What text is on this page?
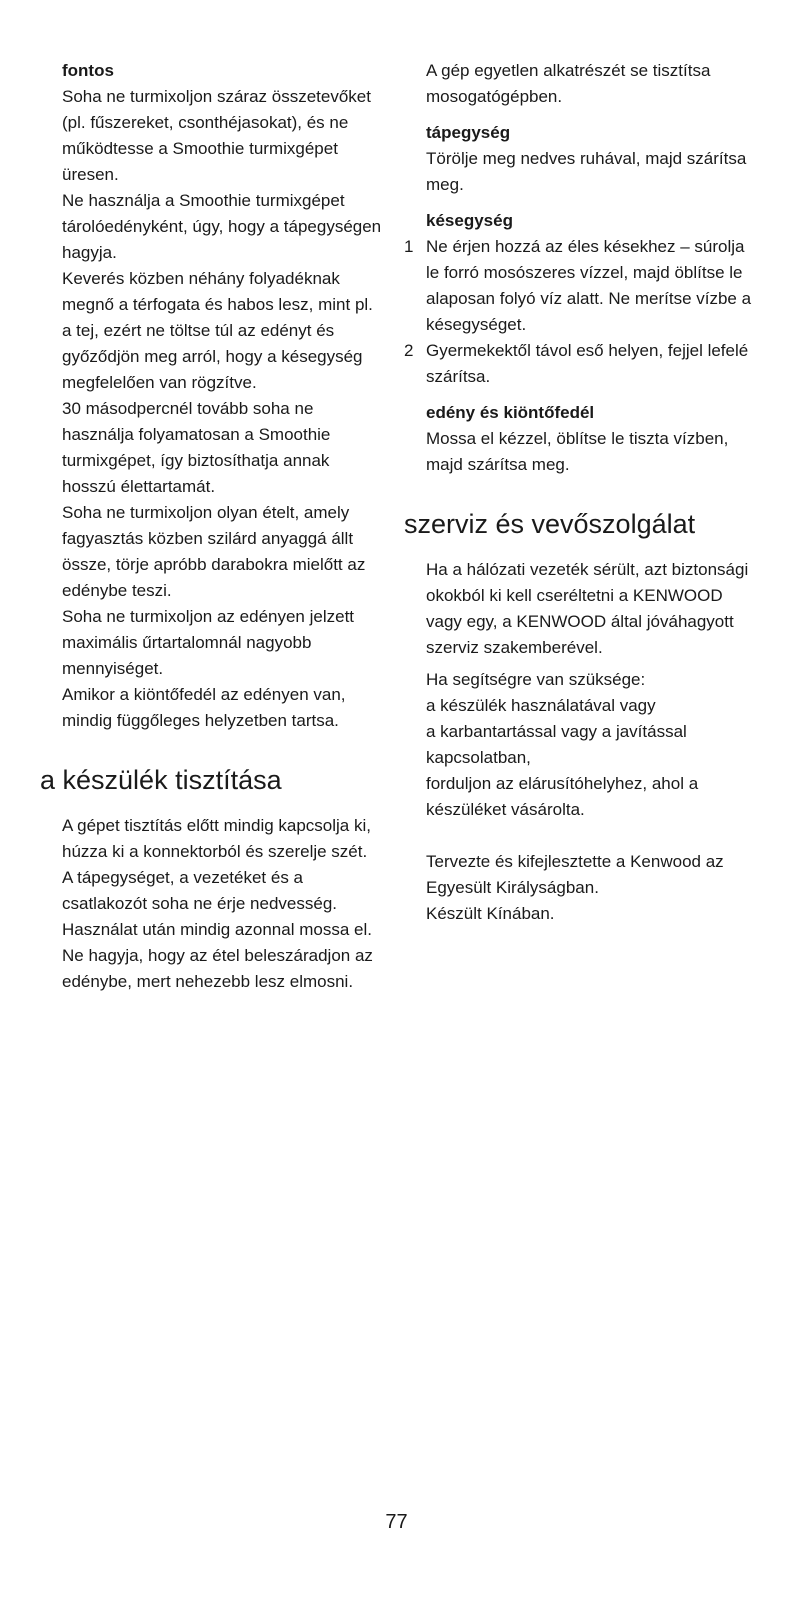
fontos
Soha ne turmixoljon száraz összetevőket (pl. fűszereket, csonthéjasokat), és ne működtesse a Smoothie turmixgépet üresen.
Ne használja a Smoothie turmixgépet tárolóedényként, úgy, hogy a tápegységen hagyja.
Keverés közben néhány folyadéknak megnő a térfogata és habos lesz, mint pl. a tej, ezért ne töltse túl az edényt és győződjön meg arról, hogy a késegység megfelelően van rögzítve.
30 másodpercnél tovább soha ne használja folyamatosan a Smoothie turmixgépet, így biztosíthatja annak hosszú élettartamát.
Soha ne turmixoljon olyan ételt, amely fagyasztás közben szilárd anyaggá állt össze, törje apróbb darabokra mielőtt az edénybe teszi.
Soha ne turmixoljon az edényen jelzett maximális űrtartalomnál nagyobb mennyiséget.
Amikor a kiöntőfedél az edényen van, mindig függőleges helyzetben tartsa.
a készülék tisztítása
A gépet tisztítás előtt mindig kapcsolja ki, húzza ki a konnektorból és szerelje szét.
A tápegységet, a vezetéket és a csatlakozót soha ne érje nedvesség.
Használat után mindig azonnal mossa el. Ne hagyja, hogy az étel beleszáradjon az edénybe, mert nehezebb lesz elmosni.
A gép egyetlen alkatrészét se tisztítsa mosogatógépben.
tápegység
Törölje meg nedves ruhával, majd szárítsa meg.
késegység
1 Ne érjen hozzá az éles késekhez – súrolja le forró mosószeres vízzel, majd öblítse le alaposan folyó víz alatt. Ne merítse vízbe a késegységet.
2 Gyermekektől távol eső helyen, fejjel lefelé szárítsa.
edény és kiöntőfedél
Mossa el kézzel, öblítse le tiszta vízben, majd szárítsa meg.
szerviz és vevőszolgálat
Ha a hálózati vezeték sérült, azt biztonsági okokból ki kell cseréltetni a KENWOOD vagy egy, a KENWOOD által jóváhagyott szerviz szakemberével.
Ha segítségre van szüksége:
a készülék használatával vagy
a karbantartással vagy a javítással kapcsolatban,
forduljon az elárusítóhelyhez, ahol a készüléket vásárolta.
Tervezte és kifejlesztette a Kenwood az Egyesült Királyságban.
Készült Kínában.
77
